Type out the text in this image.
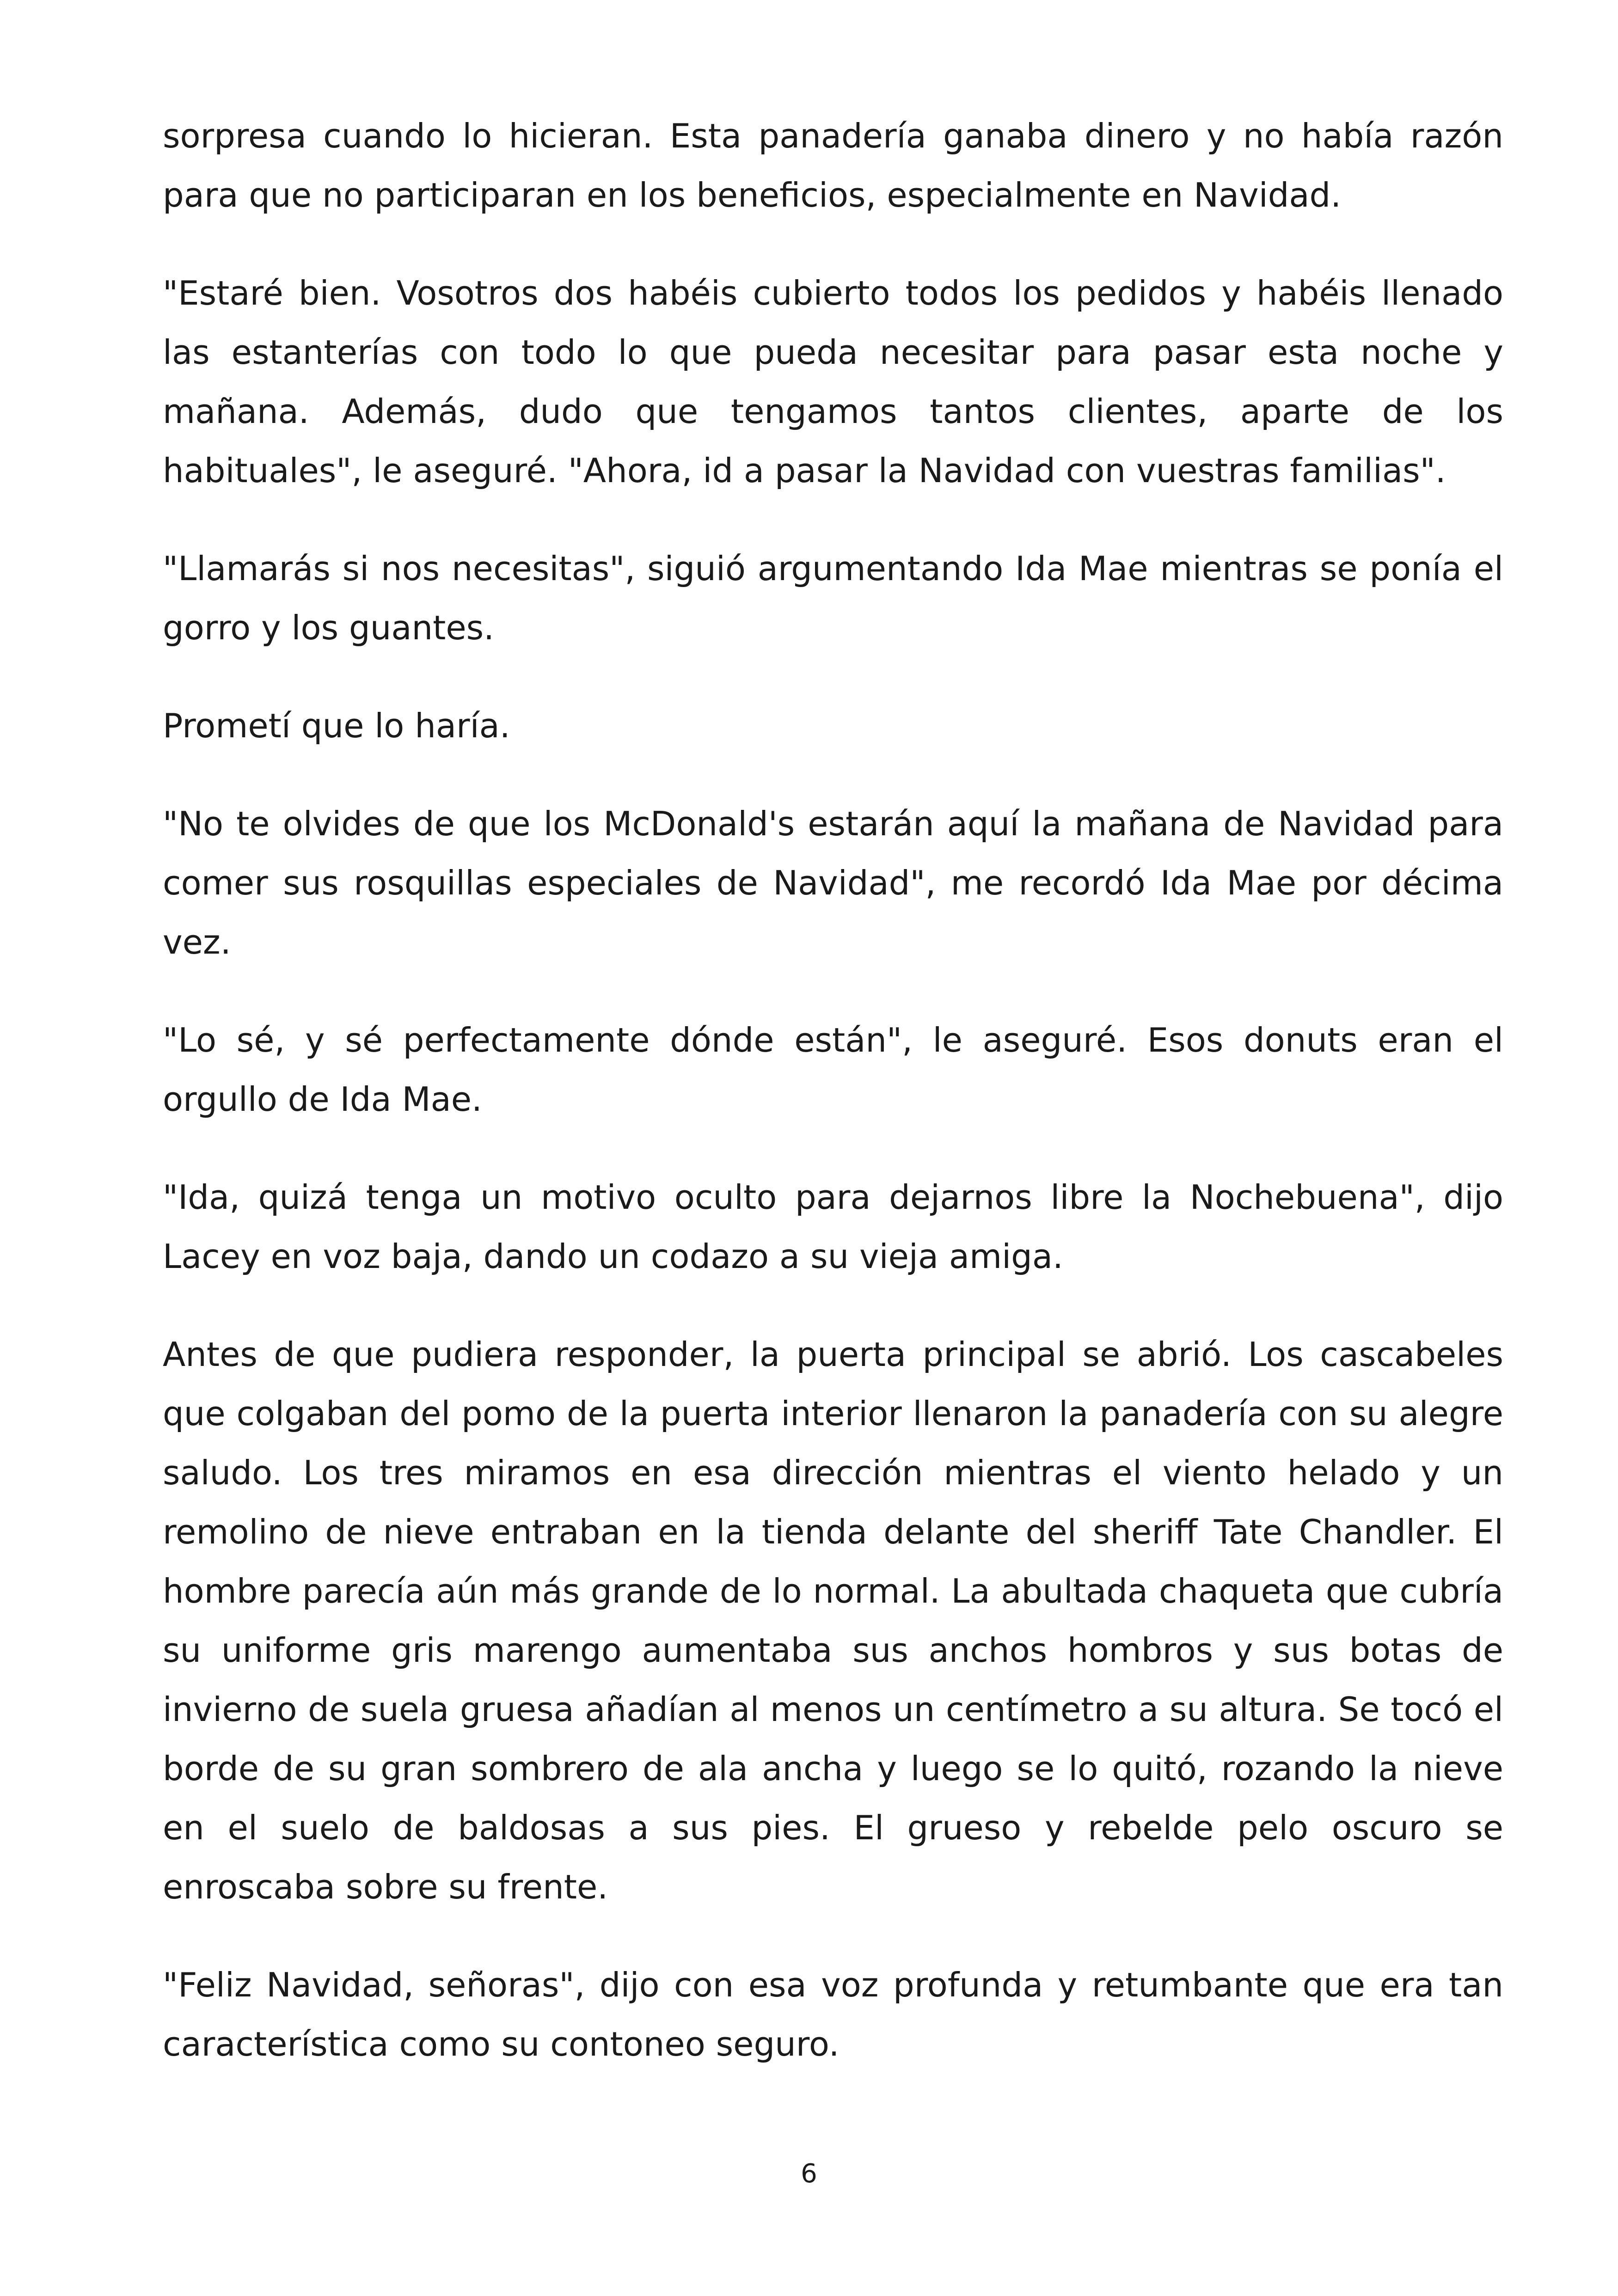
sorpresa cuando lo hicieran. Esta panadería ganaba dinero y no había razón para que no participaran en los beneficios, especialmente en Navidad.

"Estaré bien. Vosotros dos habéis cubierto todos los pedidos y habéis llenado las estanterías con todo lo que pueda necesitar para pasar esta noche y mañana. Además, dudo que tengamos tantos clientes, aparte de los habituales", le aseguré. "Ahora, id a pasar la Navidad con vuestras familias".

"Llamarás si nos necesitas", siguió argumentando Ida Mae mientras se ponía el gorro y los guantes.

Prometí que lo haría.

"No te olvides de que los McDonald's estarán aquí la mañana de Navidad para comer sus rosquillas especiales de Navidad", me recordó Ida Mae por décima vez.

"Lo sé, y sé perfectamente dónde están", le aseguré. Esos donuts eran el orgullo de Ida Mae.

"Ida, quizá tenga un motivo oculto para dejarnos libre la Nochebuena", dijo Lacey en voz baja, dando un codazo a su vieja amiga.

Antes de que pudiera responder, la puerta principal se abrió. Los cascabeles que colgaban del pomo de la puerta interior llenaron la panadería con su alegre saludo. Los tres miramos en esa dirección mientras el viento helado y un remolino de nieve entraban en la tienda delante del sheriff Tate Chandler. El hombre parecía aún más grande de lo normal. La abultada chaqueta que cubría su uniforme gris marengo aumentaba sus anchos hombros y sus botas de invierno de suela gruesa añadían al menos un centímetro a su altura. Se tocó el borde de su gran sombrero de ala ancha y luego se lo quitó, rozando la nieve en el suelo de baldosas a sus pies. El grueso y rebelde pelo oscuro se enroscaba sobre su frente.

"Feliz Navidad, señoras", dijo con esa voz profunda y retumbante que era tan característica como su contoneo seguro.

6
